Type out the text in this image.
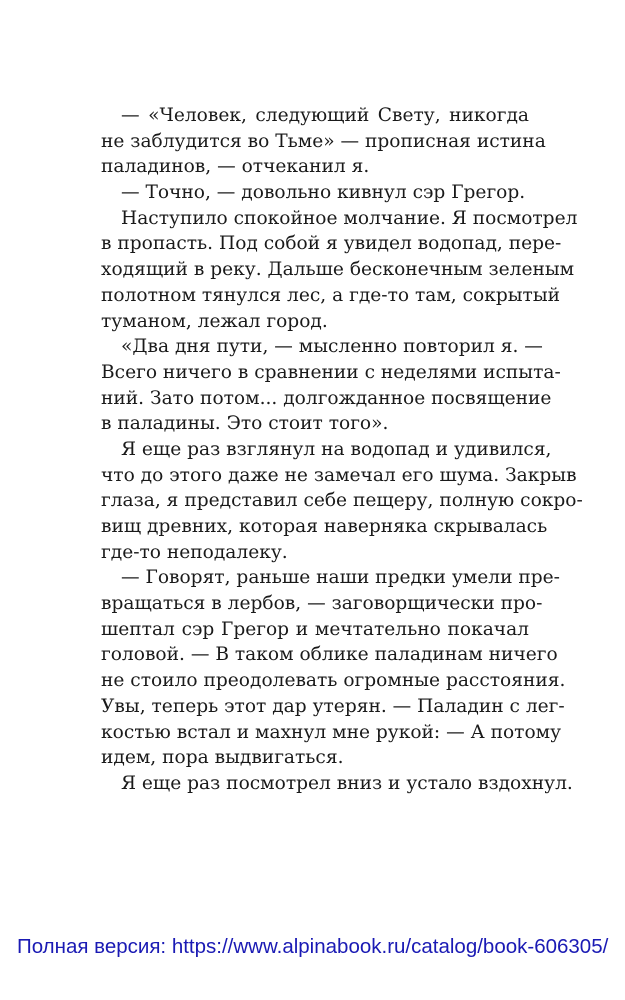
— «Человек, следующий Свету, никогда
не заблудится во Тьме» — прописная истина
паладинов, — отчеканил я.
— Точно, — довольно кивнул сэр Грегор.
Наступило спокойное молчание. Я посмотрел
в пропасть. Под собой я увидел водопад, пере-
ходящий в реку. Дальше бесконечным зеленым
полотном тянулся лес, а где-то там, сокрытый
туманом, лежал город.
«Два дня пути, — мысленно повторил я. —
Всего ничего в сравнении с неделями испыта-
ний. Зато потом... долгожданное посвящение
в паладины. Это стоит того».
Я еще раз взглянул на водопад и удивился,
что до этого даже не замечал его шума. Закрыв
глаза, я представил себе пещеру, полную сокро-
вищ древних, которая наверняка скрывалась
где-то неподалеку.
— Говорят, раньше наши предки умели пре-
вращаться в лербов, — заговорщически про-
шептал сэр Грегор и мечтательно покачал
головой. — В таком облике паладинам ничего
не стоило преодолевать огромные расстояния.
Увы, теперь этот дар утерян. — Паладин с лег-
костью встал и махнул мне рукой: — А потому
идем, пора выдвигаться.
Я еще раз посмотрел вниз и устало вздохнул.
Полная версия: https://www.alpinabook.ru/catalog/book-606305/
